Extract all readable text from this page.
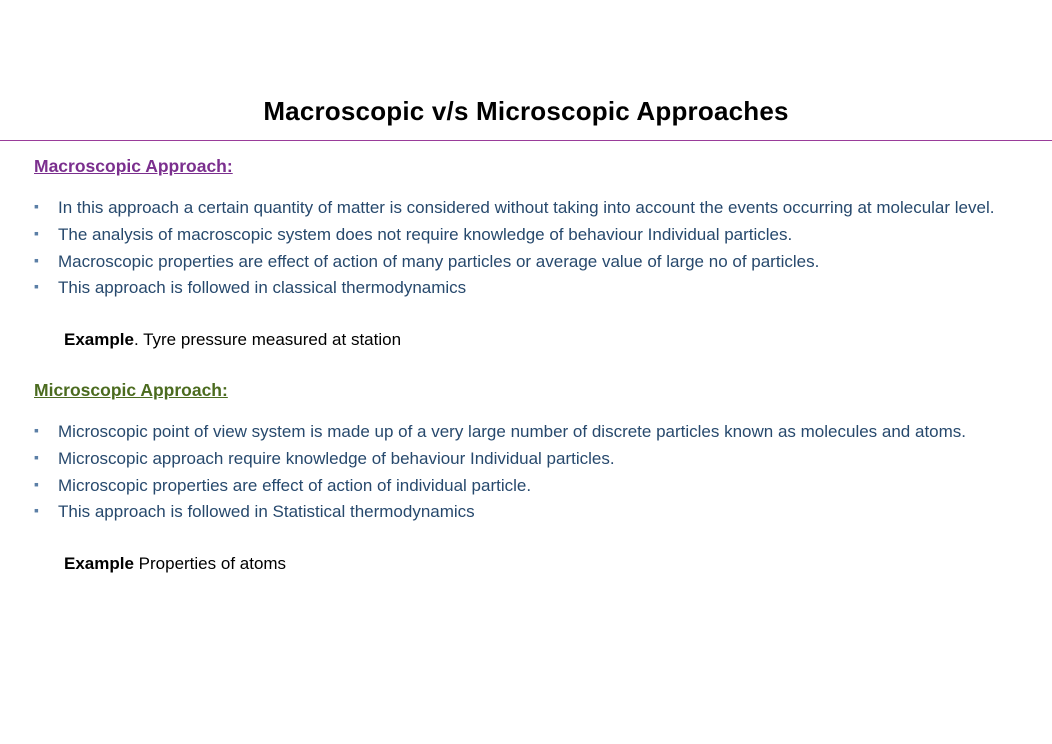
Macroscopic v/s Microscopic Approaches
Macroscopic Approach:
▪ In this approach a certain quantity of matter is considered without taking into account the events occurring at molecular level.
▪ The analysis of macroscopic system does not require knowledge of behaviour Individual particles.
▪ Macroscopic properties are effect of action of many particles or average value of large no of particles.
▪ This approach is followed in classical thermodynamics
Example. Tyre pressure measured at station
Microscopic Approach:
▪ Microscopic point of view system is made up of a very large number of discrete particles known as molecules and atoms.
▪ Microscopic approach require knowledge of behaviour Individual particles.
▪ Microscopic properties are effect of action of individual particle.
▪ This approach is followed in Statistical thermodynamics
Example Properties of atoms
